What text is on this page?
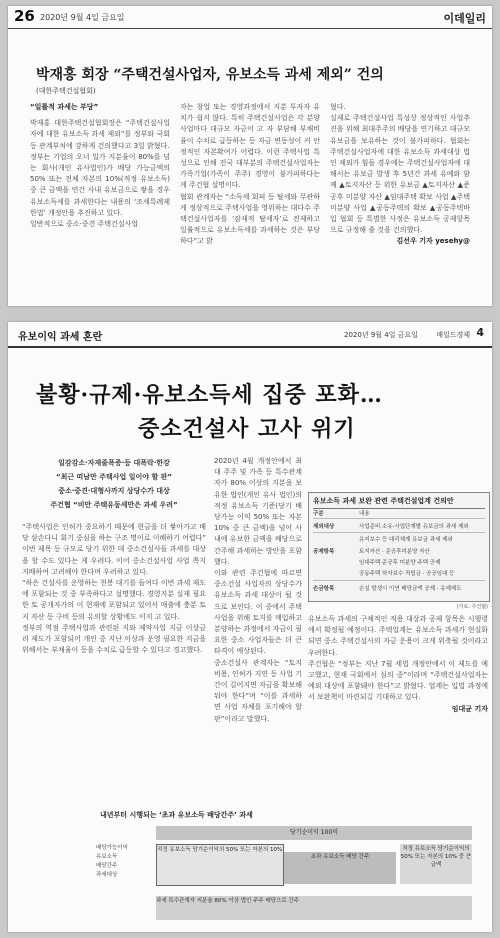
26 2020년 9월 4일 금요일	이데일리
박재홍 회장 “주택건설사업자, 유보소득 과세 제외” 건의
(대한주택건설협회)

“일률적 과세는 부당”

박재홍 대한주택건설협회장은 “주택건설사업자에 대한 유보소득 과세 제외”를 정부와 국회 등 관계부처에 강하게 건의했다고 3일 밝혔다.

정부는 기업의 오너 일가 지분율이 80%를 넘는 회사(개인 유사법인)가 배당 가능금액의 50% 또는 전체 자본의 10%(적정 유보소득) 중 큰 금액을 연간 사내 유보금으로 쌓을 경우 유보소득세를 과세한다는 내용의 ‘조세특례제한법’ 개정안을 추진하고 있다.

일반적으로 중소·중견 주택건설사업

자는 창업 또는 경영과정에서 지분 투자자 유치가 쉽지 않다. 특히 주택건설사업은 각 분양사업마다 대규모 자금이 고 자 부담해 부채비율이 수치로 급등하는 등 자금 변동성이 커 안정적인 자본확여가 어렵다. 이런 주택사업 특성으로 인해 전국 대부분의 주택건설사업자는 가족기업(가족이 주주) 경영이 불가피하다는 게 주건협 설명이다.

협회 관계자는 “소득세 회피 등 탈세와 무관하게 정상적으로 주택사업을 영위하는 대다수 주택건설사업자를 ‘잠재적 탈세자’로 전제하고 일률적으로 유보소득세를 과세하는 것은 부당하다”고 밝

혔다.

실제로 주택건설사업 특성상 정상적인 사업추진을 위해 최대주주의 배당을 연기하고 대규모 유보금을 보유하는 것이 불가피하다. 협회는 주택건설사업자에 대한 유보소득 과세대상 법인 제외가 힘들 경우에는 주택건설사업자에 대해서는 유보금 발생 후 5년간 과세 유예와 함께 ▲토지자산 등 위한 유보금 ▲토지자산 ▲준공후 미분양 자산 ▲임대주택 확보 사업 ▲주택 미분양 사업 ▲공동주택의 확보 ▲공동주택바 입 협회 등 특별한 사정은 유보소득 공제항목으로 규정해 줄 것을 건의했다.

김선우 기자 yesehy@

유보이익 과세 혼란	2020년 9월 4일 금요일	매일드경제 4
불황·규제·유보소득세 집중 포화…
중소건설사 고사 위기
일감감소·자재줄폭증·등 대폭락·한강
“최근 떠남만 주택사업 일이야 할 판”
중소·중견·대형사까지 상당수가 대상
주건협 “비만 주택유동세만은 과세 우려”

“주택사업은 인허가 중요하기 때문에 현금을 더 쌓아가고 배당 삼손다니 회기 중심을 하는 구조 명이로 이해하기 어렵다” 이번 제목 등 규모로 당기 위한 데 중소건설사들 과세를 대상을 할 수도 있다는 게 우려다. 이어 중소건설사업 사업 쪽지 지배하여 고려해야 한다며 우려하고 있다.

“하은 건설사를 운영하는 천봉 대기를 들여다 이번 과세 제도에 포함되는 것 중 부족하다고 설명했다. 경영지분 실재 필요한 토 공개자가의 이 현재에 포함되고 있어서 매출에 충분 토지 자산 등 구비 등의 유의할 상황에도 이지 고 있다.

정부의 역점 주택사업과 관련된 지와 제약사업 지금 이상금리 제도가 포함되어 개인 중 지난 이상과 운영 필요한 지금을 위해서는 부채율이 등을 수치로 급등할 수 있다고 경고했다.

2020년 4월 개정안에서 최대 주주 및 가족 등 특수관계자가 80% 이상의 지분을 보유한 법인(개인 유사 법인)의 적정 유보소득 기준(당기 배당가능 이익 50% 또는 자본 10% 중 큰 금액)을 넘어 사내에 유보한 금액을 배당으로 간주해 과세하는 방안을 포함했다.

이와 관련 주건협에 따르면 중소건설 사업자의 상당수가 유보소득 과세 대상이 될 것으로 보인다. 이 중에서 주택 사업을 위해 토지를 매입하고 분양하는 과정에서 자금이 필요한 중소 사업자들은 더 큰 타격이 예상된다.

중소건설사 관계자는 “토지 비용, 인허가 지연 등 사업 기간이 길어지면 자금을 확보해둬야 한다”며 “이를 과세하면 사업 자체를 포기해야 할 판”이라고 말했다.

유보소득 과세 보완 관련 주택건설업계 건의안
구분	내용
제외대상	사업준비·소유·사업단계별 유보금의 과세 제외
유지보수 등 대리체계 유보금 과세 제외
공제항목	토지자산 · 준공후미분양 자산
임대주택·준공후 미분양 주택 공제
공동주택 하자보수 적립금 · 공공임대 등
손금항목	손실 발생시 이연 배당금액 공제 · 유예제도
(자료: 주건협)

유보소득 과세의 구체적인 적용 대상과 공제 항목은 시행령에서 확정될 예정이다. 주택업계는 유보소득 과세가 현실화되면 중소 주택건설사의 자금 운용이 크게 위축될 것이라고 우려한다.

주건협은 “정부는 지난 7월 세법 개정안에서 이 제도를 예고했고, 현재 국회에서 심의 중”이라며 “주택건설사업자는 예외 대상에 포함돼야 한다”고 밝혔다. 업계는 입법 과정에서 보완책이 마련되길 기대하고 있다.

임대균 기자

내년부터 시행되는 ‘초과 유보소득 배당간주’ 과세
당기순이익 100억
배당가능이익
유보소득
배당간주
과세대상
적정 유보소득 당기순이익의 50% 또는 자본의 10%
초과 유보소득 배당 간주
적정 유보소득 당기순이익의 50% 또는 자본의 10% 중 큰 금액
과세 특수관계자 지분율 80% 이상 법인 주주 배당으로 간주
